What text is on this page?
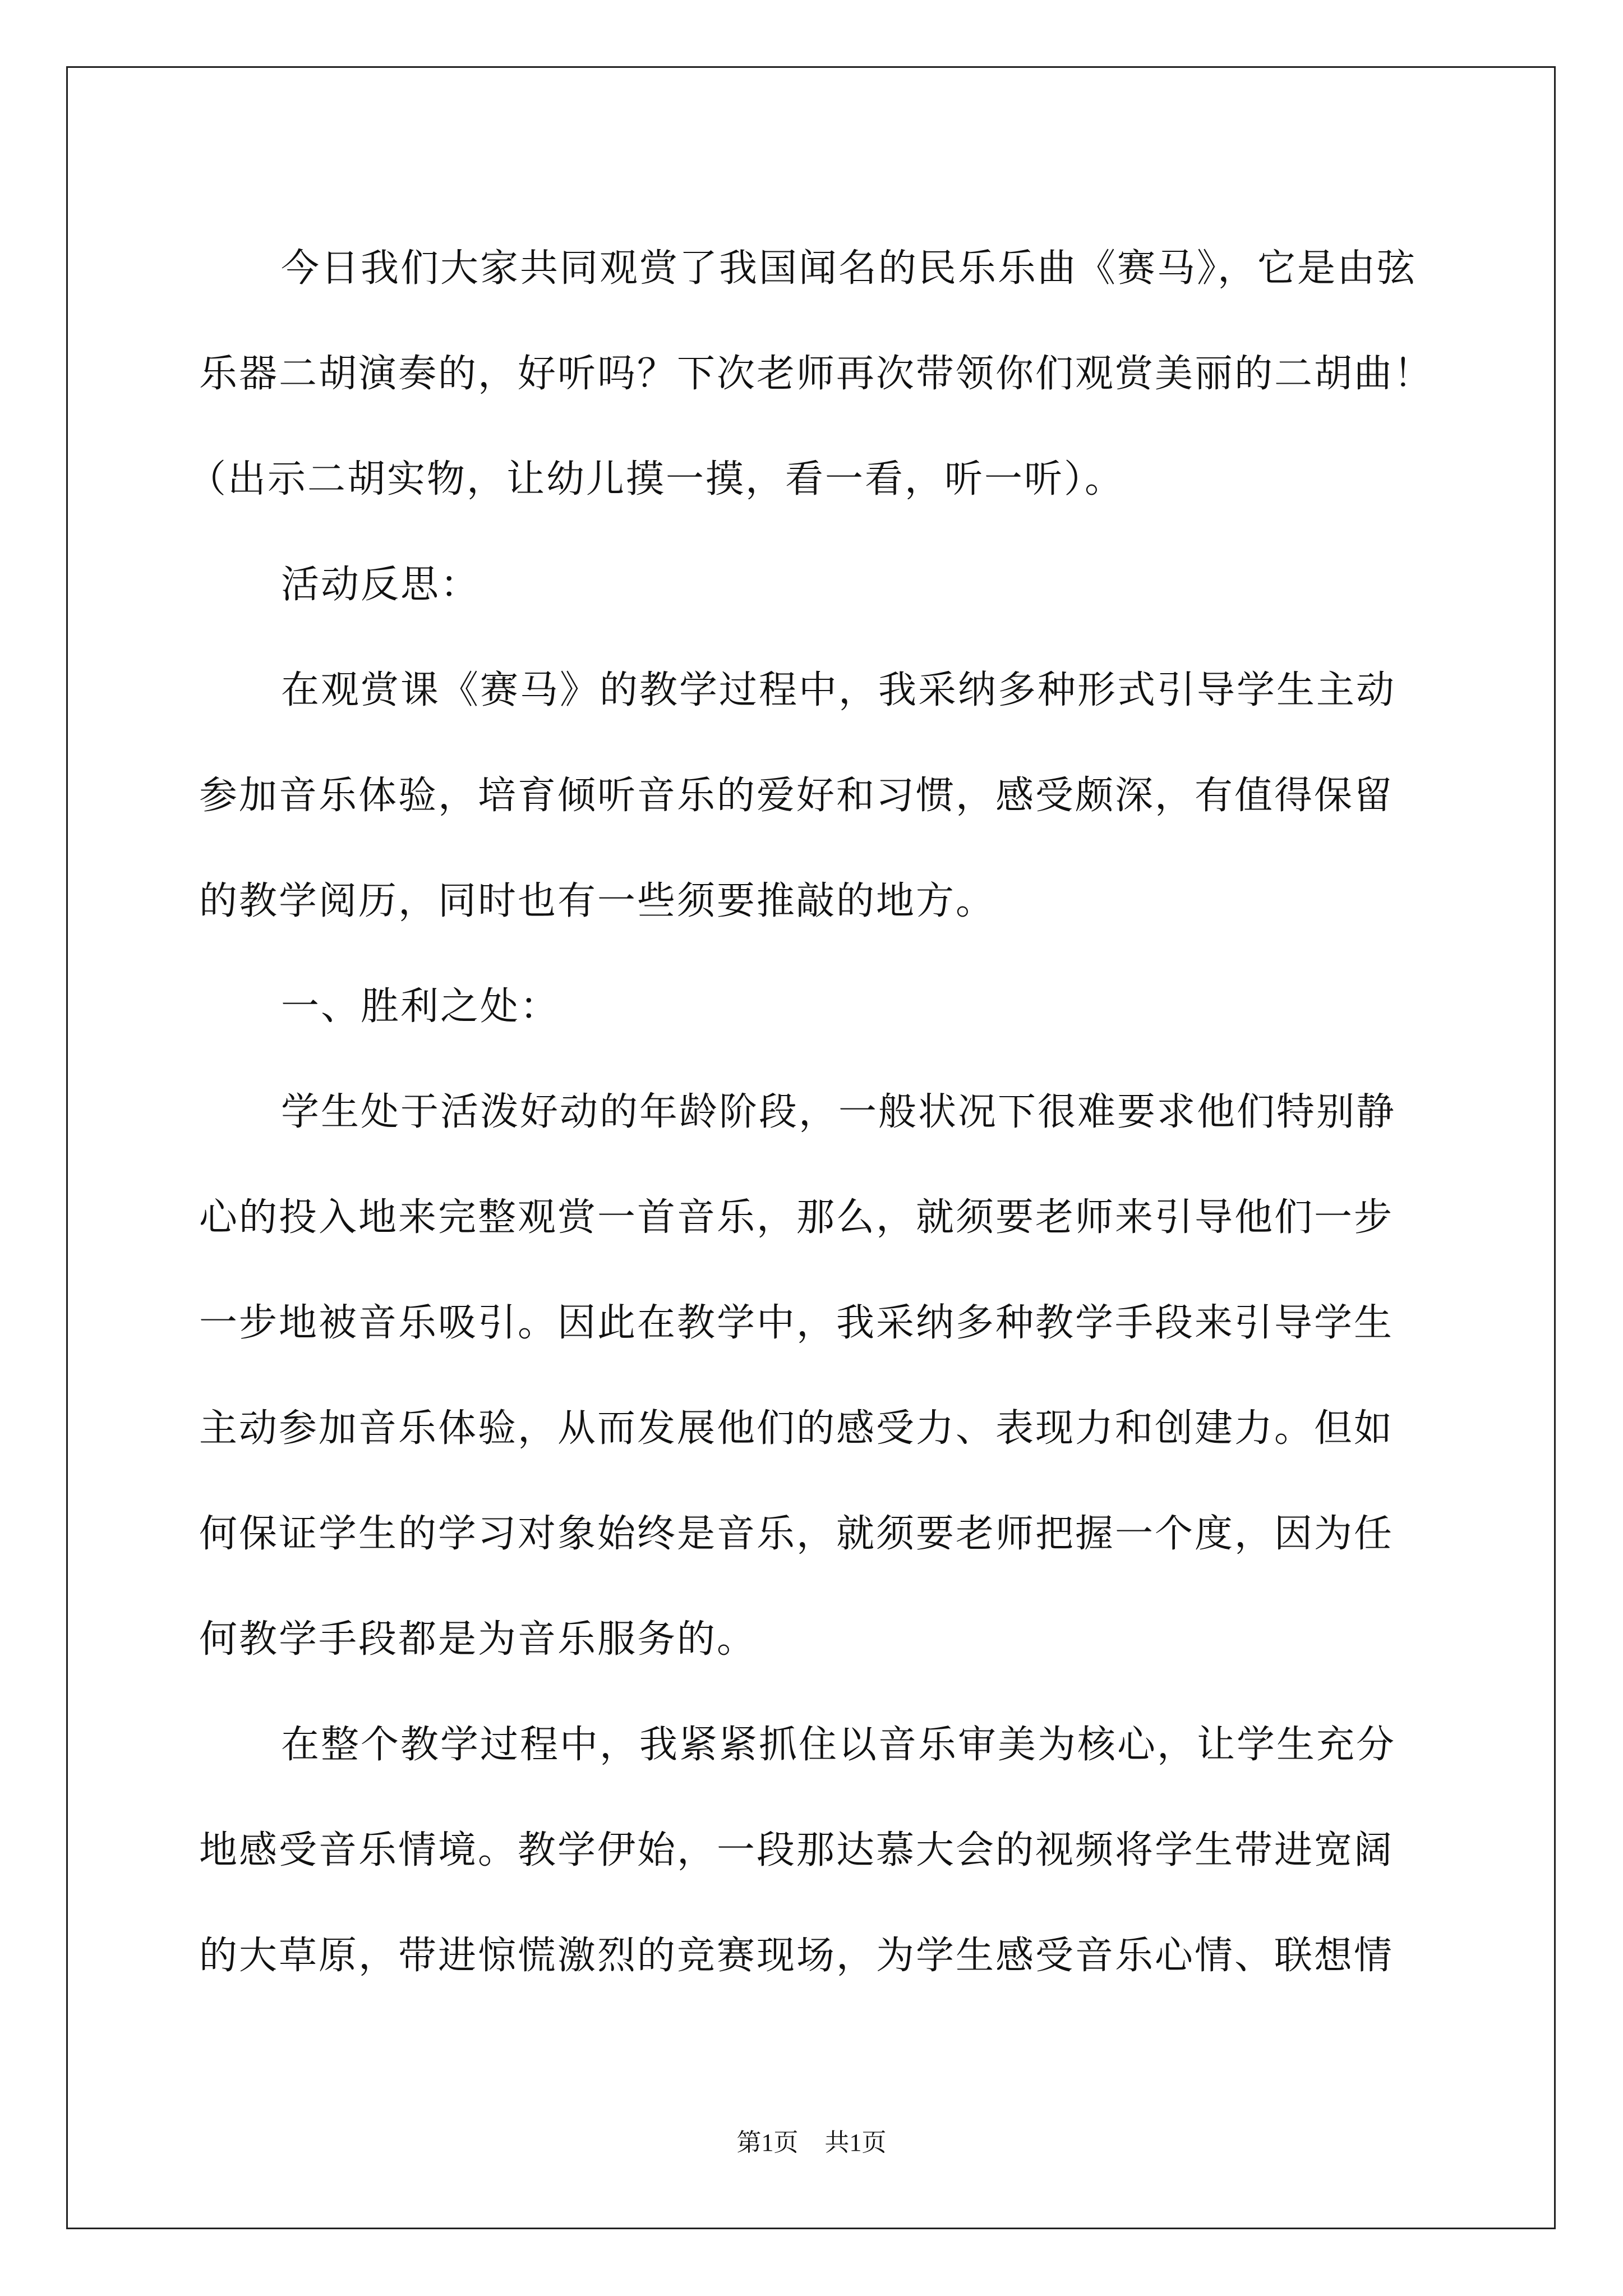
今日我们大家共同观赏了我国闻名的民乐乐曲《赛马》，它是由弦
乐器二胡演奏的，好听吗？下次老师再次带领你们观赏美丽的二胡曲！
（出示二胡实物，让幼儿摸一摸，看一看，听一听）。
活动反思：
在观赏课《赛马》的教学过程中，我采纳多种形式引导学生主动
参加音乐体验，培育倾听音乐的爱好和习惯，感受颇深，有值得保留
的教学阅历，同时也有一些须要推敲的地方。
一、胜利之处：
学生处于活泼好动的年龄阶段，一般状况下很难要求他们特别静
心的投入地来完整观赏一首音乐，那么，就须要老师来引导他们一步
一步地被音乐吸引。因此在教学中，我采纳多种教学手段来引导学生
主动参加音乐体验，从而发展他们的感受力、表现力和创建力。但如
何保证学生的学习对象始终是音乐，就须要老师把握一个度，因为任
何教学手段都是为音乐服务的。
在整个教学过程中，我紧紧抓住以音乐审美为核心，让学生充分
地感受音乐情境。教学伊始，一段那达慕大会的视频将学生带进宽阔
的大草原，带进惊慌激烈的竞赛现场，为学生感受音乐心情、联想情
第1页 共1页
